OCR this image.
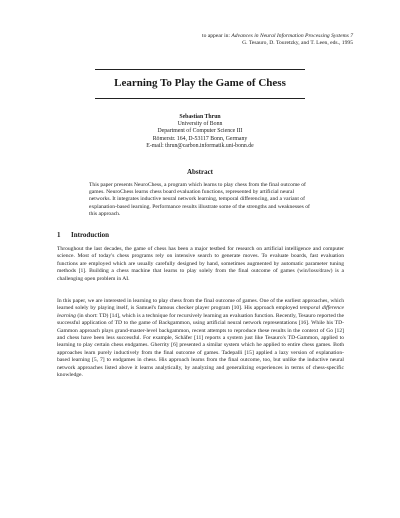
to appear in: Advances in Neural Information Processing Systems 7
G. Tesauro, D. Touretzky, and T. Leen, eds., 1995
Learning To Play the Game of Chess
Sebastian Thrun
University of Bonn
Department of Computer Science III
Römerstr. 164, D-53117 Bonn, Germany
E-mail: thrun@carbon.informatik.uni-bonn.de
Abstract
This paper presents NeuroChess, a program which learns to play chess from the final outcome of games. NeuroChess learns chess board evaluation functions, represented by artificial neural networks. It integrates inductive neural network learning, temporal differencing, and a variant of explanation-based learning. Performance results illustrate some of the strengths and weaknesses of this approach.
1 Introduction
Throughout the last decades, the game of chess has been a major testbed for research on artificial intelligence and computer science. Most of today's chess programs rely on intensive search to generate moves. To evaluate boards, fast evaluation functions are employed which are usually carefully designed by hand, sometimes augmented by automatic parameter tuning methods [1]. Building a chess machine that learns to play solely from the final outcome of games (win/loss/draw) is a challenging open problem in AI.
In this paper, we are interested in learning to play chess from the final outcome of games. One of the earliest approaches, which learned solely by playing itself, is Samuel's famous checker player program [10]. His approach employed temporal difference learning (in short: TD) [14], which is a technique for recursively learning an evaluation function. Recently, Tesauro reported the successful application of TD to the game of Backgammon, using artificial neural network representations [16]. While his TD-Gammon approach plays grand-master-level backgammon, recent attempts to reproduce these results in the context of Go [12] and chess have been less successful. For example, Schäfer [11] reports a system just like Tesauro's TD-Gammon, applied to learning to play certain chess endgames. Gherrity [6] presented a similar system which he applied to entire chess games. Both approaches learn purely inductively from the final outcome of games. Tadepalli [15] applied a lazy version of explanation-based learning [5, 7] to endgames in chess. His approach learns from the final outcome, too, but unlike the inductive neural network approaches listed above it learns analytically, by analyzing and generalizing experiences in terms of chess-specific knowledge.
